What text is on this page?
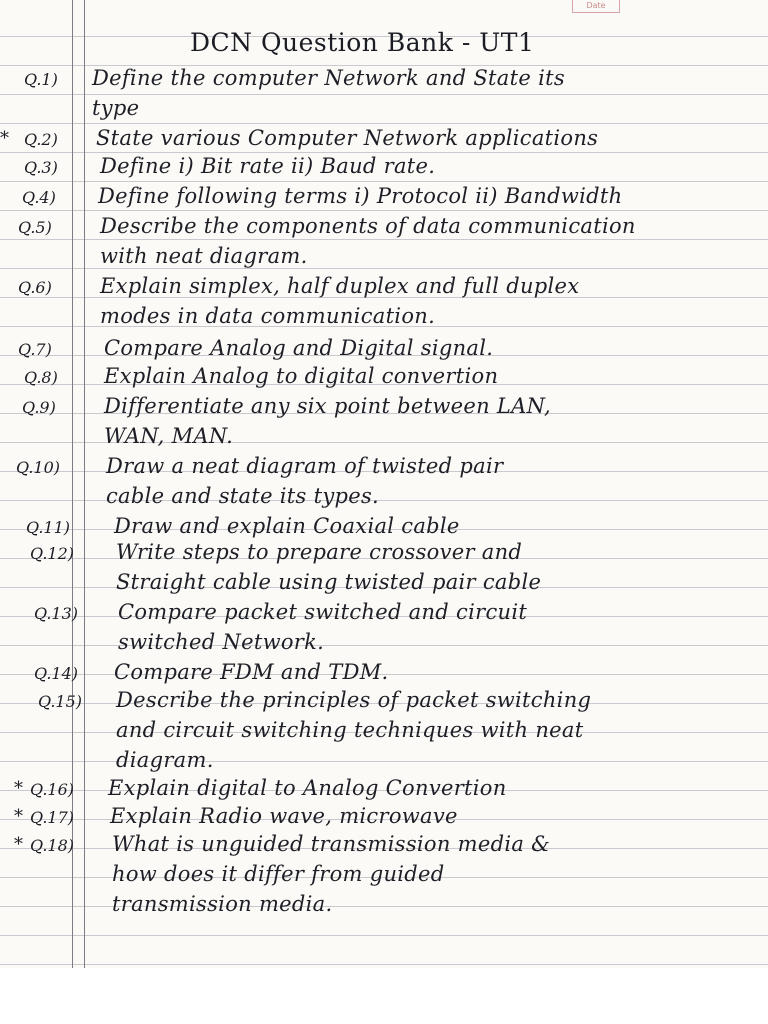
Date
DCN Question Bank - UT1
Q.1) Define the computer Network and State its
type
* Q.2) State various Computer Network applications
Q.3) Define i) Bit rate ii) Baud rate.
Q.4) Define following terms i) Protocol ii) Bandwidth
Q.5) Describe the components of data communication
with neat diagram.
Q.6) Explain simplex, half duplex and full duplex
modes in data communication.
Q.7) Compare Analog and Digital signal.
Q.8) Explain Analog to digital convertion
Q.9) Differentiate any six point between LAN,
WAN, MAN.
Q.10) Draw a neat diagram of twisted pair
cable and state its types.
Q.11) Draw and explain Coaxial cable
Q.12) Write steps to prepare crossover and
Straight cable using twisted pair cable
Q.13) Compare packet switched and circuit
switched Network.
Q.14) Compare FDM and TDM.
Q.15) Describe the principles of packet switching
and circuit switching techniques with neat
diagram.
* Q.16) Explain digital to Analog Convertion
* Q.17) Explain Radio wave, microwave
* Q.18) What is unguided transmission media &
how does it differ from guided
transmission media.
